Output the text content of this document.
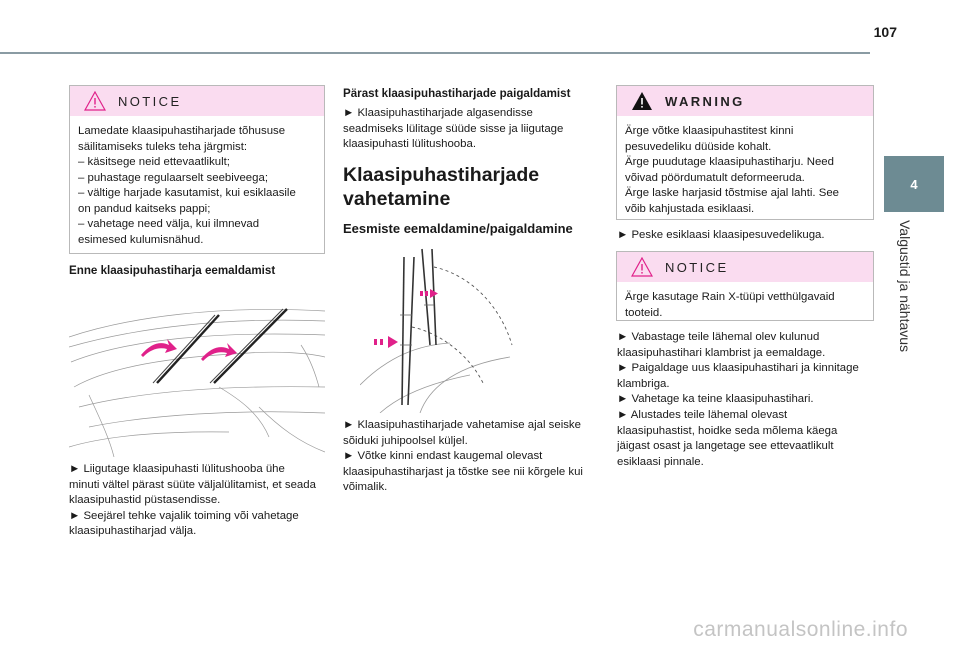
107
4
Valgustid ja nähtavus
NOTICE
Lamedate klaasipuhastiharjade tõhususe
säilitamiseks tuleks teha järgmist:
– käsitsege neid ettevaatlikult;
– puhastage regulaarselt seebiveega;
– vältige harjade kasutamist, kui esiklaasile
on pandud kaitseks pappi;
– vahetage need välja, kui ilmnevad
esimesed kulumisnähud.
Enne klaasipuhastiharja eemaldamist
► Liigutage klaasipuhasti lülitushooba ühe
minuti vältel pärast süüte väljalülitamist, et seada
klaasipuhastid püstasendisse.
► Seejärel tehke vajalik toiming või vahetage
klaasipuhastiharjad välja.
Pärast klaasipuhastiharjade paigaldamist
► Klaasipuhastiharjade algasendisse
seadmiseks lülitage süüde sisse ja liigutage
klaasipuhasti lülitushooba.
Klaasipuhastiharjade
vahetamine
Eesmiste eemaldamine/paigaldamine
► Klaasipuhastiharjade vahetamise ajal seiske
sõiduki juhipoolsel küljel.
► Võtke kinni endast kaugemal olevast
klaasipuhastiharjast ja tõstke see nii kõrgele kui
võimalik.
WARNING
Ärge võtke klaasipuhastitest kinni
pesuvedeliku düüside kohalt.
Ärge puudutage klaasipuhastiharju. Need
võivad pöördumatult deformeeruda.
Ärge laske harjasid tõstmise ajal lahti. See
võib kahjustada esiklaasi.
► Peske esiklaasi klaasipesuvedelikuga.
NOTICE
Ärge kasutage Rain X-tüüpi vetthülgavaid
tooteid.
► Vabastage teile lähemal olev kulunud
klaasipuhastihari klambrist ja eemaldage.
► Paigaldage uus klaasipuhastihari ja kinnitage
klambriga.
► Vahetage ka teine klaasipuhastihari.
► Alustades teile lähemal olevast
klaasipuhastist, hoidke seda mõlema käega
jäigast osast ja langetage see ettevaatlikult
esiklaasi pinnale.
carmanualsonline.info
